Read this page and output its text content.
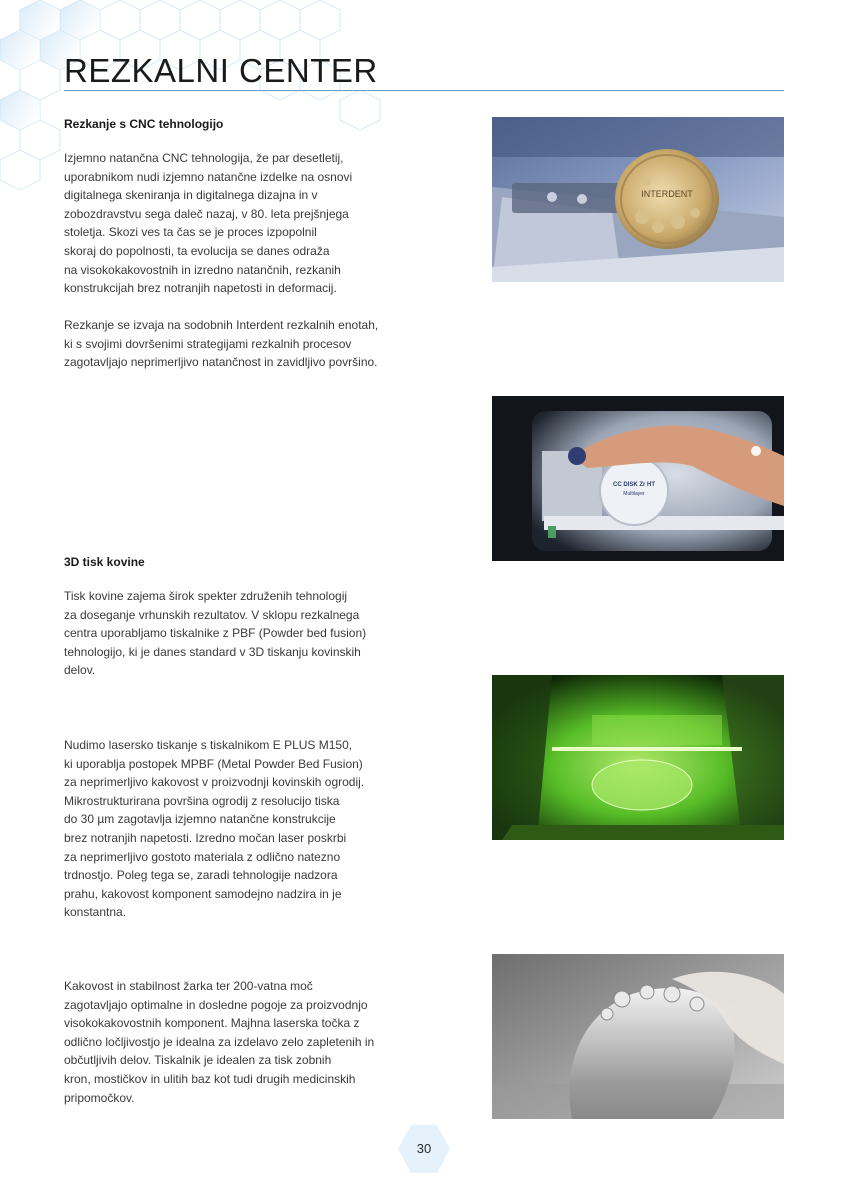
REZKALNI CENTER
Rezkanje s CNC tehnologijo

Izjemno natančna CNC tehnologija, že par desetletij,

uporabnikom nudi izjemno natančne izdelke na osnovi

digitalnega skeniranja in digitalnega dizajna in v

zobozdravstvu sega daleč nazaj, v 80. leta prejšnjega

stoletja. Skozi ves ta čas se je proces izpopolnil

skoraj do popolnosti, ta evolucija se danes odraža

na visokokakovostnih in izredno natančnih, rezkanih

konstrukcijah brez notranjih napetosti in deformacij.

Rezkanje se izvaja na sodobnih Interdent rezkalnih enotah,

ki s svojimi dovršenimi strategijami rezkalnih procesov

zagotavljajo neprimerljivo natančnost in zavidljivo površino.

3D tisk kovine

Tisk kovine zajema širok spekter združenih tehnologij

za doseganje vrhunskih rezultatov. V sklopu rezkalnega

centra uporabljamo tiskalnike z PBF (Powder bed fusion)

tehnologijo, ki je danes standard v 3D tiskanju kovinskih

delov.

Nudimo lasersko tiskanje s tiskalnikom E PLUS M150,

ki uporablja postopek MPBF (Metal Powder Bed Fusion)

za neprimerljivo kakovost v proizvodnji kovinskih ogrodij.

Mikrostrukturirana površina ogrodij z resolucijo tiska

do 30 µm zagotavlja izjemno natančne konstrukcije

brez notranjih napetosti. Izredno močan laser poskrbi

za neprimerljivo gostoto materiala z odlično natezno

trdnostjo. Poleg tega se, zaradi tehnologije nadzora

prahu, kakovost komponent samodejno nadzira in je

konstantna.

Kakovost in stabilnost žarka ter 200-vatna moč

zagotavljajo optimalne in dosledne pogoje za proizvodnjo

visokokakovostnih komponent. Majhna laserska točka z

odlično ločljivostjo je idealna za izdelavo zelo zapletenih in

občutljivih delov. Tiskalnik je idealen za tisk zobnih

kron, mostičkov in ulitih baz kot tudi drugih medicinskih

pripomočkov.

INTERDENT
CC DISK Zr HT
Multilayer
30
